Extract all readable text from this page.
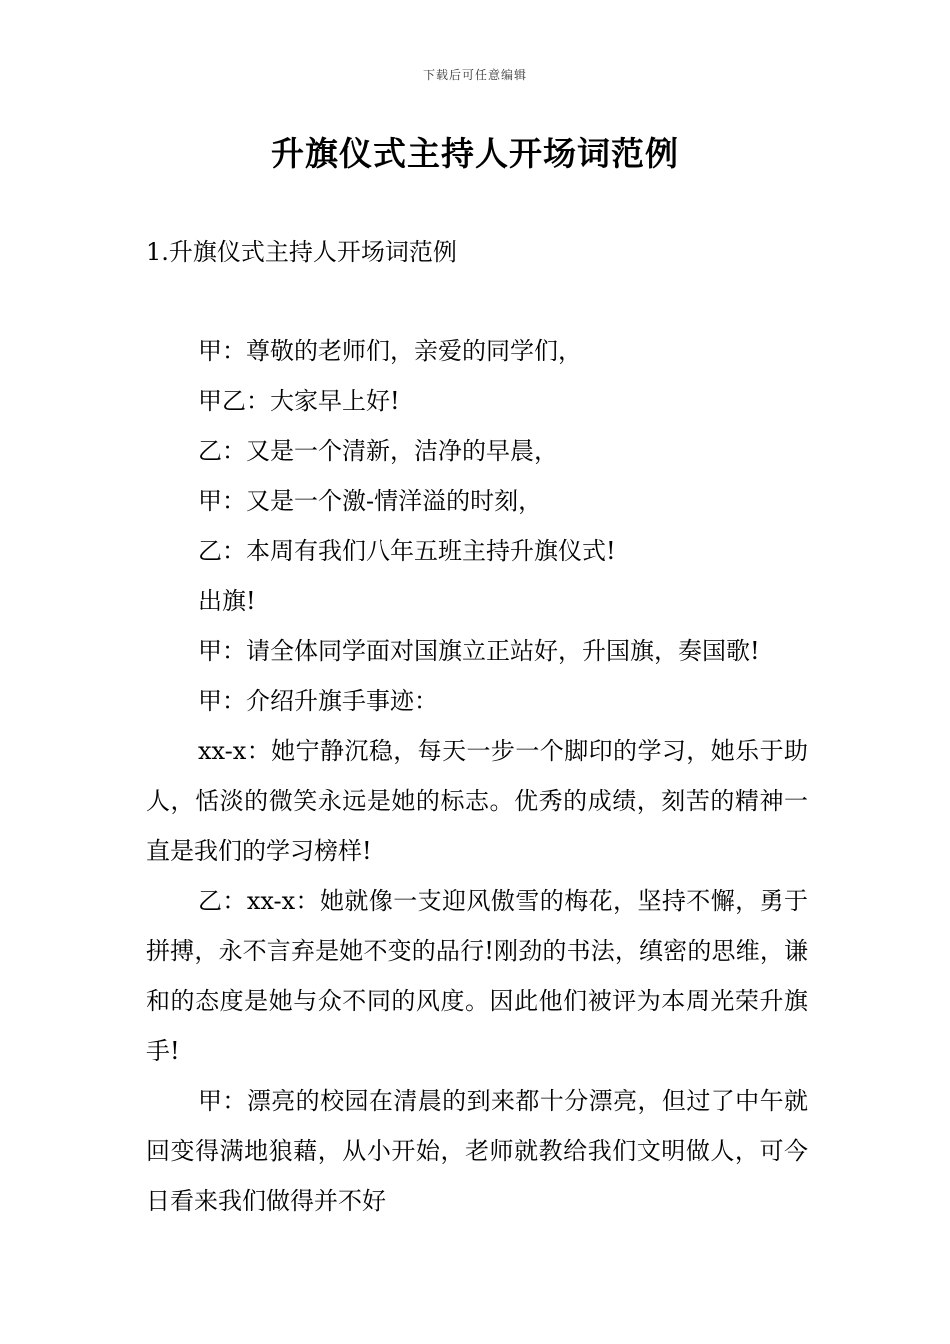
下载后可任意编辑
升旗仪式主持人开场词范例
1.升旗仪式主持人开场词范例

甲：尊敬的老师们，亲爱的同学们，

甲乙：大家早上好!

乙：又是一个清新，洁净的早晨，

甲：又是一个激-情洋溢的时刻，

乙：本周有我们八年五班主持升旗仪式!

出旗!

甲：请全体同学面对国旗立正站好，升国旗，奏国歌!

甲：介绍升旗手事迹：

xx-x：她宁静沉稳，每天一步一个脚印的学习，她乐于助人，恬淡的微笑永远是她的标志。优秀的成绩，刻苦的精神一直是我们的学习榜样!

乙：xx-x：她就像一支迎风傲雪的梅花，坚持不懈，勇于拼搏，永不言弃是她不变的品行!刚劲的书法，缜密的思维，谦和的态度是她与众不同的风度。因此他们被评为本周光荣升旗手!

甲：漂亮的校园在清晨的到来都十分漂亮，但过了中午就回变得满地狼藉，从小开始，老师就教给我们文明做人，可今日看来我们做得并不好
